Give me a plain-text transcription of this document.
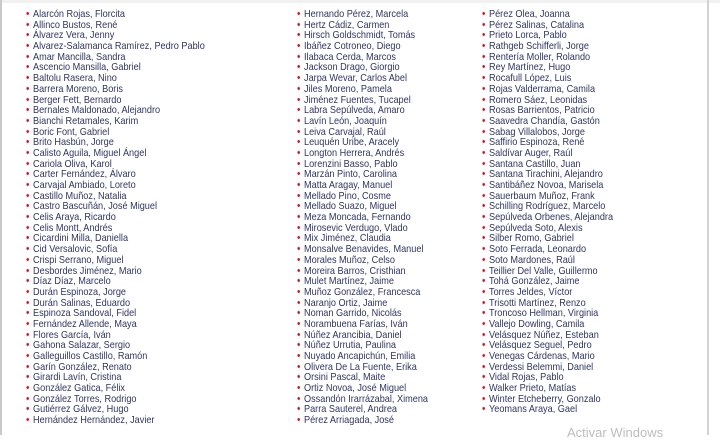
• Alarcón Rojas, Florcita
• Allinco Bustos, René
• Álvarez Vera, Jenny
• Alvarez-Salamanca Ramírez, Pedro Pablo
• Amar Mancilla, Sandra
• Ascencio Mansilla, Gabriel
• Baltolu Rasera, Nino
• Barrera Moreno, Boris
• Berger Fett, Bernardo
• Bernales Maldonado, Alejandro
• Bianchi Retamales, Karim
• Boric Font, Gabriel
• Brito Hasbún, Jorge
• Calisto Aguila, Miguel Ángel
• Cariola Oliva, Karol
• Carter Fernández, Álvaro
• Carvajal Ambiado, Loreto
• Castillo Muñoz, Natalia
• Castro Bascuñán, José Miguel
• Celis Araya, Ricardo
• Celis Montt, Andrés
• Cicardini Milla, Daniella
• Cid Versalovic, Sofía
• Crispi Serrano, Miguel
• Desbordes Jiménez, Mario
• Díaz Díaz, Marcelo
• Durán Espinoza, Jorge
• Durán Salinas, Eduardo
• Espinoza Sandoval, Fidel
• Fernández Allende, Maya
• Flores García, Iván
• Gahona Salazar, Sergio
• Galleguillos Castillo, Ramón
• Garín González, Renato
• Girardi Lavín, Cristina
• González Gatica, Félix
• González Torres, Rodrigo
• Gutiérrez Gálvez, Hugo
• Hernández Hernández, Javier
• Hernando Pérez, Marcela
• Hertz Cádiz, Carmen
• Hirsch Goldschmidt, Tomás
• Ibáñez Cotroneo, Diego
• Ilabaca Cerda, Marcos
• Jackson Drago, Giorgio
• Jarpa Wevar, Carlos Abel
• Jiles Moreno, Pamela
• Jiménez Fuentes, Tucapel
• Labra Sepúlveda, Amaro
• Lavín León, Joaquín
• Leiva Carvajal, Raúl
• Leuquén Uribe, Aracely
• Longton Herrera, Andrés
• Lorenzini Basso, Pablo
• Marzán Pinto, Carolina
• Matta Aragay, Manuel
• Mellado Pino, Cosme
• Mellado Suazo, Miguel
• Meza Moncada, Fernando
• Mirosevic Verdugo, Vlado
• Mix Jiménez, Claudia
• Monsalve Benavides, Manuel
• Morales Muñoz, Celso
• Moreira Barros, Cristhian
• Mulet Martínez, Jaime
• Muñoz González, Francesca
• Naranjo Ortiz, Jaime
• Noman Garrido, Nicolás
• Norambuena Farías, Iván
• Núñez Arancibia, Daniel
• Núñez Urrutia, Paulina
• Nuyado Ancapichún, Emilia
• Olivera De La Fuente, Erika
• Orsini Pascal, Maite
• Ortiz Novoa, José Miguel
• Ossandón Irarrázabal, Ximena
• Parra Sauterel, Andrea
• Pérez Arriagada, José
• Pérez Olea, Joanna
• Pérez Salinas, Catalina
• Prieto Lorca, Pablo
• Rathgeb Schifferli, Jorge
• Rentería Moller, Rolando
• Rey Martínez, Hugo
• Rocafull López, Luis
• Rojas Valderrama, Camila
• Romero Sáez, Leonidas
• Rosas Barrientos, Patricio
• Saavedra Chandía, Gastón
• Sabag Villalobos, Jorge
• Saffirio Espinoza, René
• Saldívar Auger, Raúl
• Santana Castillo, Juan
• Santana Tirachini, Alejandro
• Santibáñez Novoa, Marisela
• Sauerbaum Muñoz, Frank
• Schilling Rodríguez, Marcelo
• Sepúlveda Orbenes, Alejandra
• Sepúlveda Soto, Alexis
• Silber Romo, Gabriel
• Soto Ferrada, Leonardo
• Soto Mardones, Raúl
• Teillier Del Valle, Guillermo
• Tohá González, Jaime
• Torres Jeldes, Víctor
• Trisotti Martínez, Renzo
• Troncoso Hellman, Virginia
• Vallejo Dowling, Camila
• Velásquez Núñez, Esteban
• Velásquez Seguel, Pedro
• Venegas Cárdenas, Mario
• Verdessi Belemmi, Daniel
• Vidal Rojas, Pablo
• Walker Prieto, Matías
• Winter Etcheberry, Gonzalo
• Yeomans Araya, Gael
Activar Windows
